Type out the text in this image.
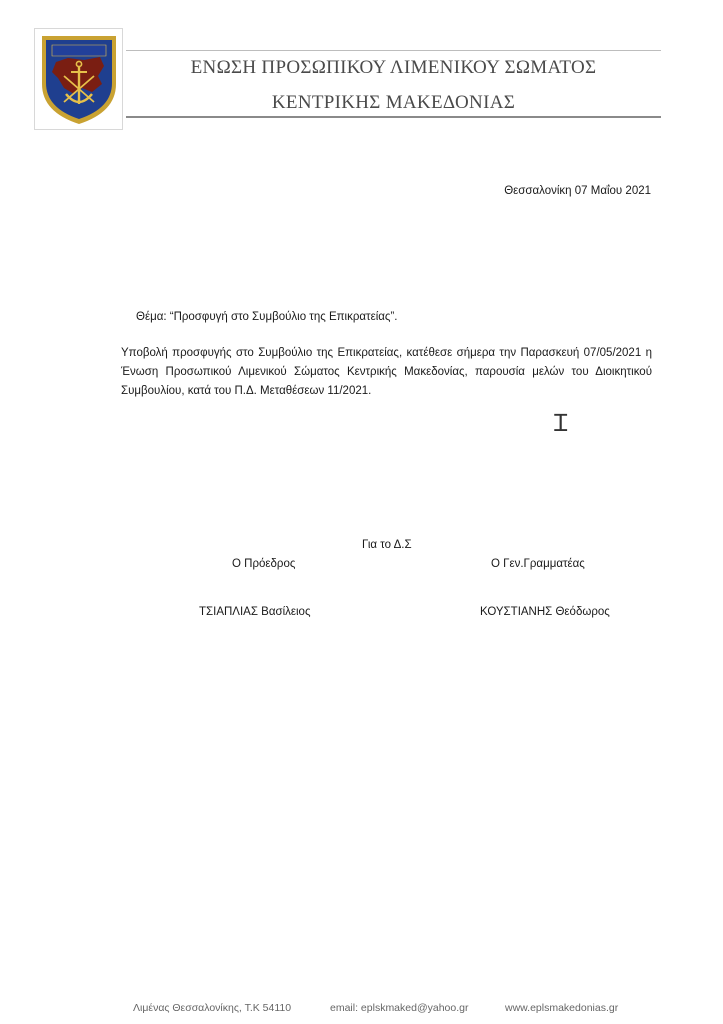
ΕΝΩΣΗ ΠΡΟΣΩΠΙΚΟΥ ΛΙΜΕΝΙΚΟΥ ΣΩΜΑΤΟΣ
ΚΕΝΤΡΙΚΗΣ ΜΑΚΕΔΟΝΙΑΣ
Θεσσαλονίκη 07 Μαΐου 2021
Θέμα: “Προσφυγή στο Συμβούλιο της Επικρατείας”.
Υποβολή προσφυγής στο Συμβούλιο της Επικρατείας, κατέθεσε σήμερα την Παρασκευή 07/05/2021 η Ένωση Προσωπικού Λιμενικού Σώματος Κεντρικής Μακεδονίας, παρουσία μελών του Διοικητικού Συμβουλίου, κατά του Π.Δ. Μεταθέσεων 11/2021.
Ɪ
Για το Δ.Σ
Ο Πρόεδρος	Ο Γεν.Γραμματέας
ΤΣΙΑΠΛΙΑΣ Βασίλειος	ΚΟΥΣΤΙΑΝΗΣ Θεόδωρος
Λιμένας Θεσσαλονίκης, Τ.Κ 54110	email: eplskmaked@yahoo.gr	www.eplsmakedonias.gr
